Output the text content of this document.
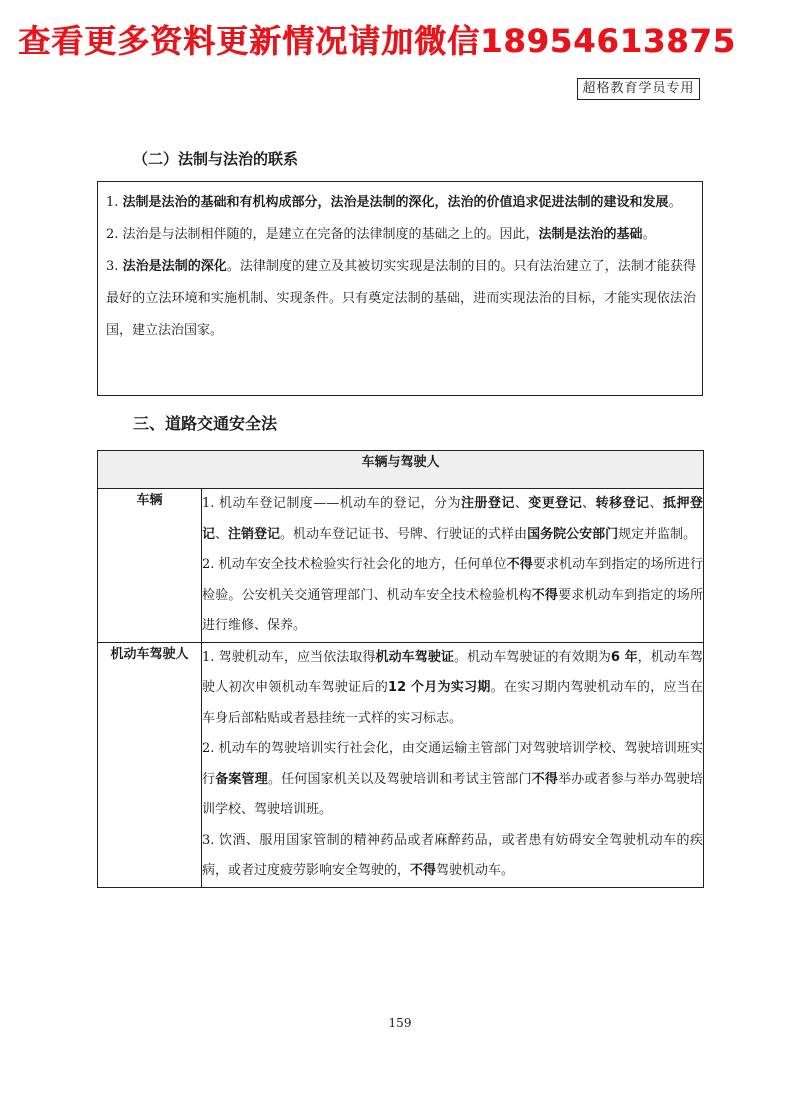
查看更多资料更新情况请加微信18954613875
超格教育学员专用
（二）法制与法治的联系

1. 法制是法治的基础和有机构成部分，法治是法制的深化，法治的价值追求促进法制的建设和发展。

2. 法治是与法制相伴随的，是建立在完备的法律制度的基础之上的。因此，法制是法治的基础。

3. 法治是法制的深化。法律制度的建立及其被切实实现是法制的目的。只有法治建立了，法制才能获得最好的立法环境和实施机制、实现条件。只有奠定法制的基础，进而实现法治的目标，才能实现依法治国，建立法治国家。

三、道路交通安全法
车辆与驾驶人	
车辆	1. 机动车登记制度——机动车的登记，分为注册登记、变更登记、转移登记、抵押登记、注销登记。机动车登记证书、号牌、行驶证的式样由国务院公安部门规定并监制。

2. 机动车安全技术检验实行社会化的地方，任何单位不得要求机动车到指定的场所进行检验。公安机关交通管理部门、机动车安全技术检验机构不得要求机动车到指定的场所进行维修、保养。

机动车驾驶人	1. 驾驶机动车，应当依法取得机动车驾驶证。机动车驾驶证的有效期为6 年，机动车驾驶人初次申领机动车驾驶证后的12 个月为实习期。在实习期内驾驶机动车的，应当在车身后部粘贴或者悬挂统一式样的实习标志。

2. 机动车的驾驶培训实行社会化，由交通运输主管部门对驾驶培训学校、驾驶培训班实行备案管理。任何国家机关以及驾驶培训和考试主管部门不得举办或者参与举办驾驶培训学校、驾驶培训班。

3. 饮酒、服用国家管制的精神药品或者麻醉药品，或者患有妨碍安全驾驶机动车的疾病，或者过度疲劳影响安全驾驶的，不得驾驶机动车。

159
